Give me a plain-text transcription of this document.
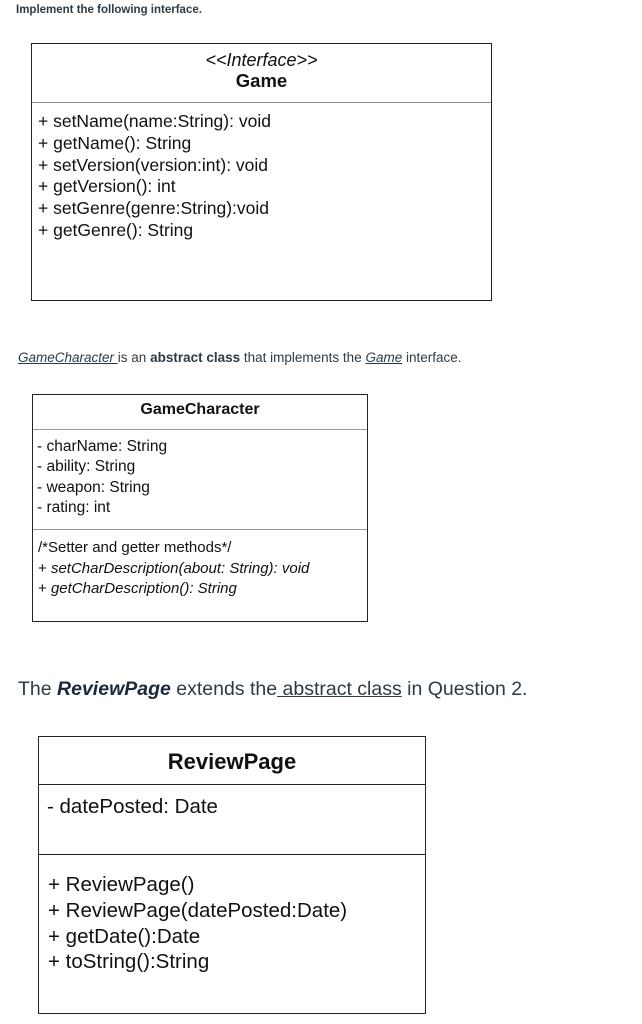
Implement the following interface.
<<Interface>>
Game
+ setName(name:String): void
+ getName(): String
+ setVersion(version:int): void
+ getVersion(): int
+ setGenre(genre:String):void
+ getGenre(): String
GameCharacter is an abstract class that implements the Game interface.
GameCharacter
- charName: String
- ability: String
- weapon: String
- rating: int
/*Setter and getter methods*/
+ setCharDescription(about: String): void
+ getCharDescription(): String
The ReviewPage extends the abstract class in Question 2.
ReviewPage
- datePosted: Date
+ ReviewPage()
+ ReviewPage(datePosted:Date)
+ getDate():Date
+ toString():String
